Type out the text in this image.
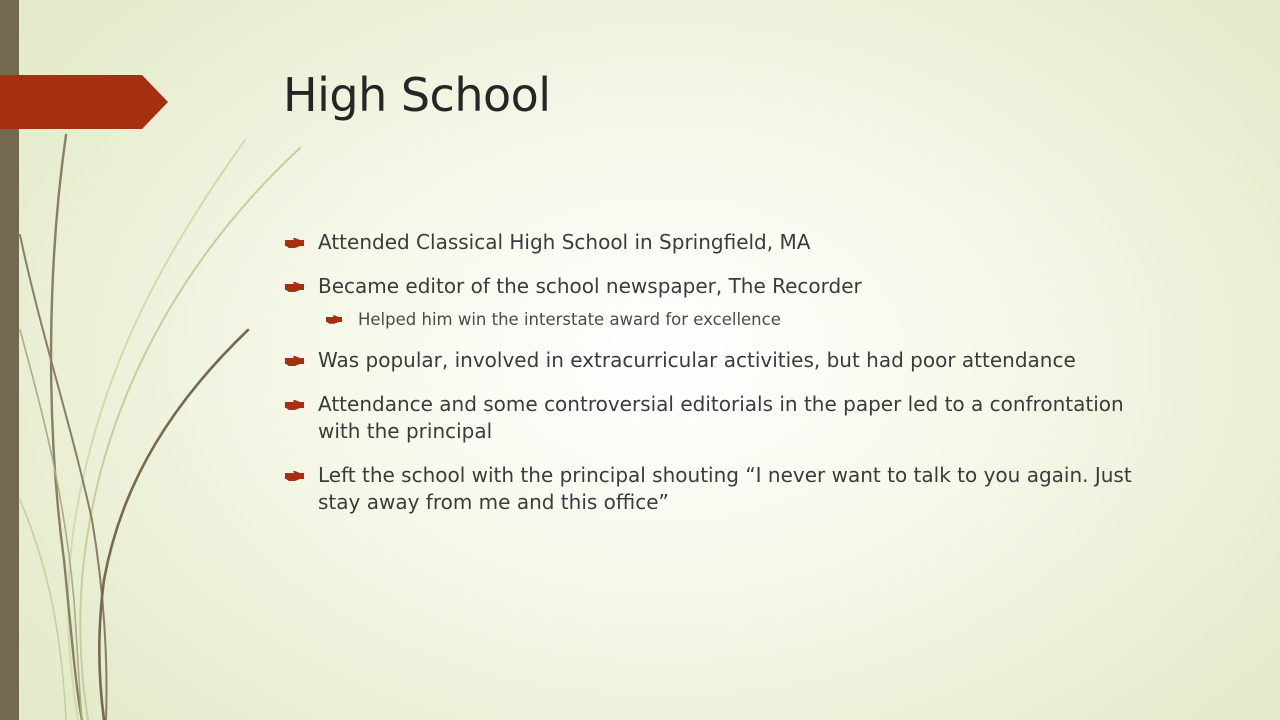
High School
Attended Classical High School in Springfield, MA
Became editor of the school newspaper, The Recorder
Helped him win the interstate award for excellence
Was popular, involved in extracurricular activities, but had poor attendance
Attendance and some controversial editorials in the paper led to a confrontation with the principal
Left the school with the principal shouting “I never want to talk to you again. Just stay away from me and this office”
